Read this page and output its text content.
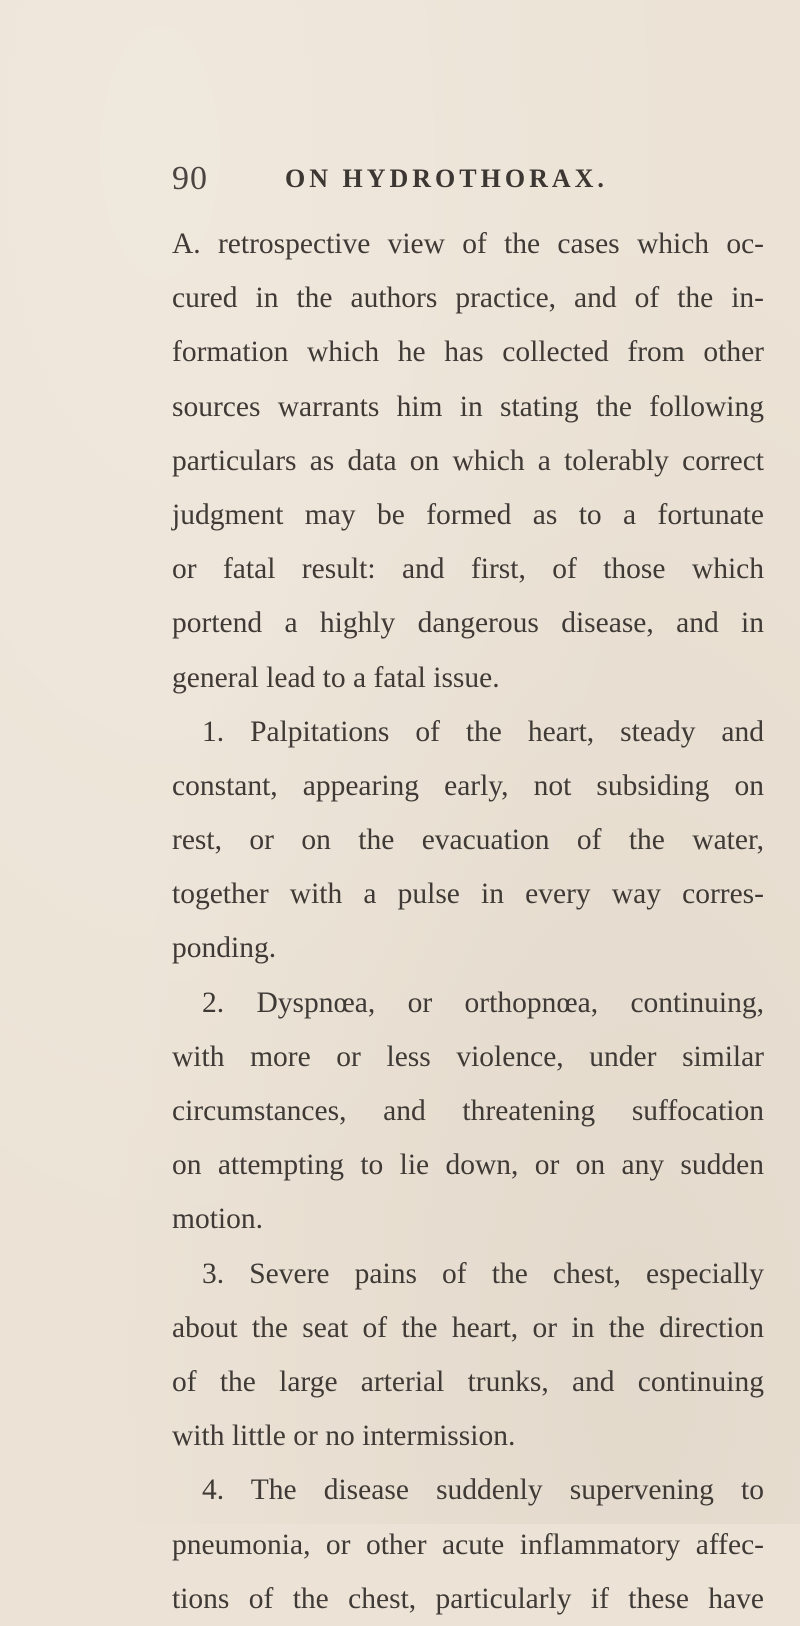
90	ON HYDROTHORAX.
A. retrospective view of the cases which oc-
cured in the authors practice, and of the in-
formation which he has collected from other
sources warrants him in stating the following
particulars as data on which a tolerably correct
judgment may be formed as to a fortunate
or fatal result: and first, of those which
portend a highly dangerous disease, and in
general lead to a fatal issue.
1. Palpitations of the heart, steady and
constant, appearing early, not subsiding on
rest, or on the evacuation of the water,
together with a pulse in every way corres-
ponding.
2. Dyspnœa, or orthopnœa, continuing,
with more or less violence, under similar
circumstances, and threatening suffocation
on attempting to lie down, or on any sudden
motion.
3. Severe pains of the chest, especially
about the seat of the heart, or in the direction
of the large arterial trunks, and continuing
with little or no intermission.
4. The disease suddenly supervening to
pneumonia, or other acute inflammatory affec-
tions of the chest, particularly if these have
